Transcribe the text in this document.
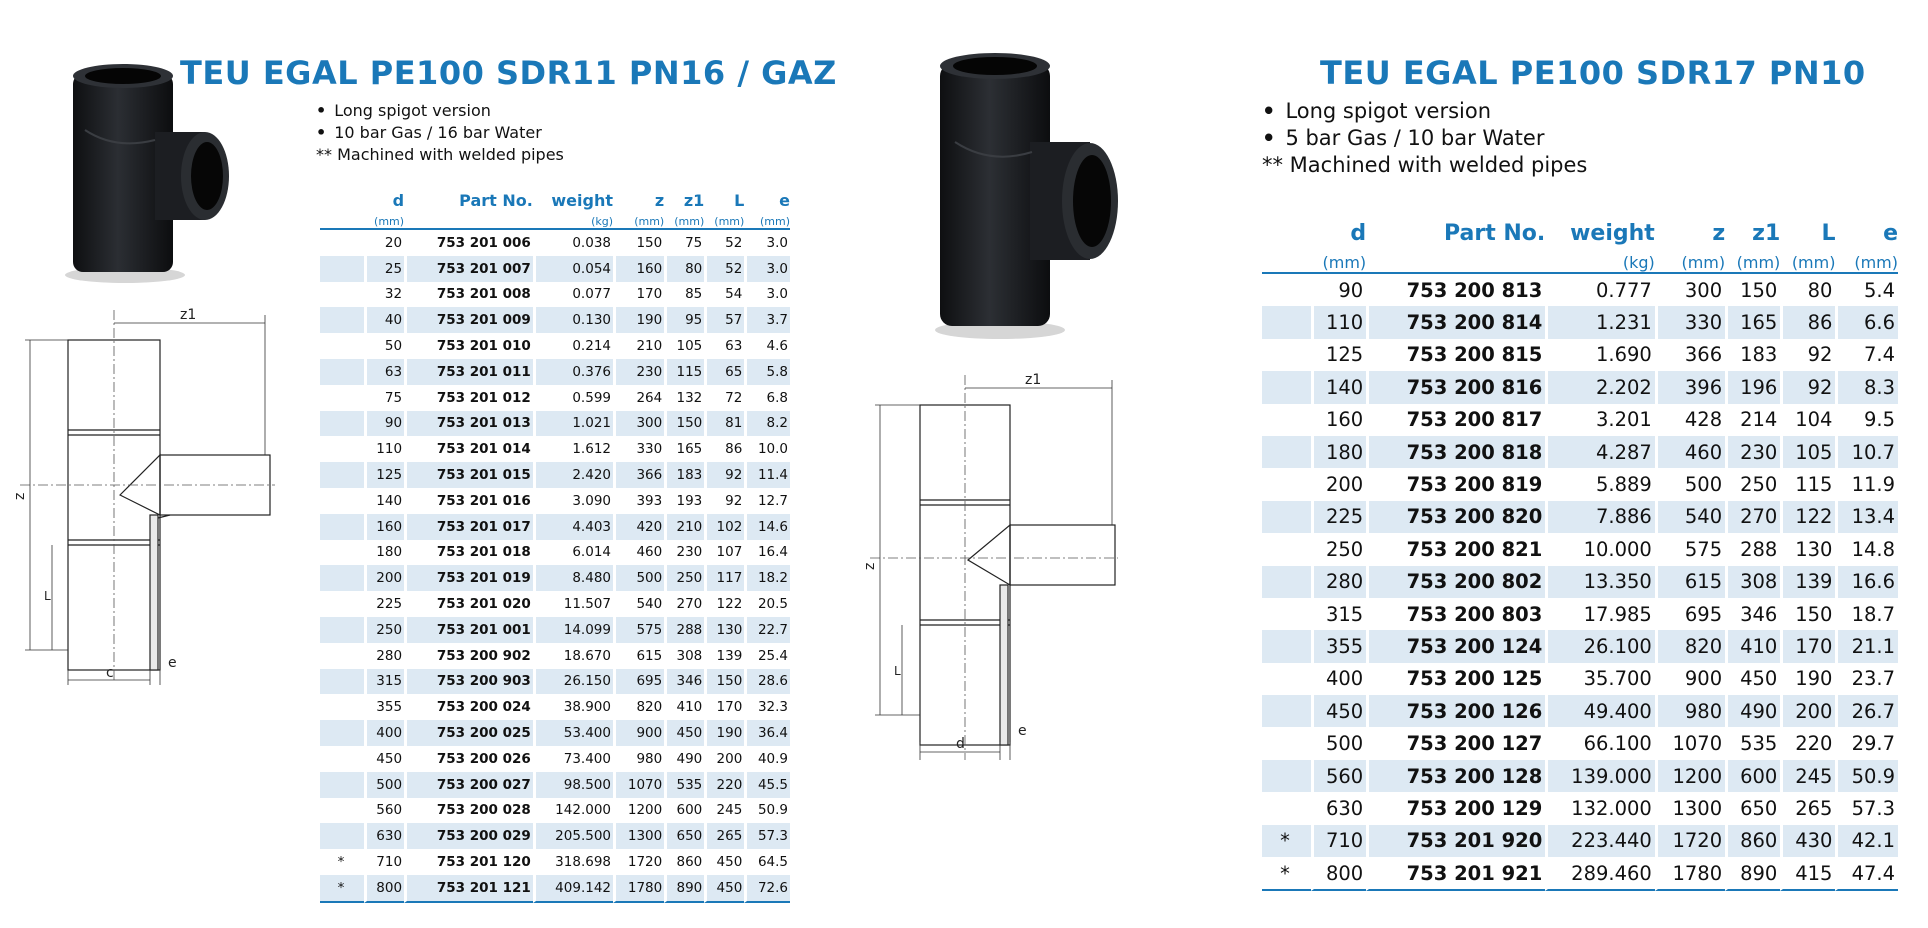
z1
z
L
c
e
TEU EGAL PE100 SDR11 PN16 / GAZ
• Long spigot version
• 10 bar Gas / 16 bar Water
** Machined with welded pipes
	d	Part No.	weight	z	z1	L	e
	(mm)		(kg)	(mm)	(mm)	(mm)	(mm)
	20	753 201 006	0.038	150	75	52	3.0
	25	753 201 007	0.054	160	80	52	3.0
	32	753 201 008	0.077	170	85	54	3.0
	40	753 201 009	0.130	190	95	57	3.7
	50	753 201 010	0.214	210	105	63	4.6
	63	753 201 011	0.376	230	115	65	5.8
	75	753 201 012	0.599	264	132	72	6.8
	90	753 201 013	1.021	300	150	81	8.2
	110	753 201 014	1.612	330	165	86	10.0
	125	753 201 015	2.420	366	183	92	11.4
	140	753 201 016	3.090	393	193	92	12.7
	160	753 201 017	4.403	420	210	102	14.6
	180	753 201 018	6.014	460	230	107	16.4
	200	753 201 019	8.480	500	250	117	18.2
	225	753 201 020	11.507	540	270	122	20.5
	250	753 201 001	14.099	575	288	130	22.7
	280	753 200 902	18.670	615	308	139	25.4
	315	753 200 903	26.150	695	346	150	28.6
	355	753 200 024	38.900	820	410	170	32.3
	400	753 200 025	53.400	900	450	190	36.4
	450	753 200 026	73.400	980	490	200	40.9
	500	753 200 027	98.500	1070	535	220	45.5
	560	753 200 028	142.000	1200	600	245	50.9
	630	753 200 029	205.500	1300	650	265	57.3
*	710	753 201 120	318.698	1720	860	450	64.5
*	800	753 201 121	409.142	1780	890	450	72.6
z1
z
L
d
e
TEU EGAL PE100 SDR17 PN10
• Long spigot version
• 5 bar Gas / 10 bar Water
** Machined with welded pipes
	d	Part No.	weight	z	z1	L	e
	(mm)		(kg)	(mm)	(mm)	(mm)	(mm)
	90	753 200 813	0.777	300	150	80	5.4
	110	753 200 814	1.231	330	165	86	6.6
	125	753 200 815	1.690	366	183	92	7.4
	140	753 200 816	2.202	396	196	92	8.3
	160	753 200 817	3.201	428	214	104	9.5
	180	753 200 818	4.287	460	230	105	10.7
	200	753 200 819	5.889	500	250	115	11.9
	225	753 200 820	7.886	540	270	122	13.4
	250	753 200 821	10.000	575	288	130	14.8
	280	753 200 802	13.350	615	308	139	16.6
	315	753 200 803	17.985	695	346	150	18.7
	355	753 200 124	26.100	820	410	170	21.1
	400	753 200 125	35.700	900	450	190	23.7
	450	753 200 126	49.400	980	490	200	26.7
	500	753 200 127	66.100	1070	535	220	29.7
	560	753 200 128	139.000	1200	600	245	50.9
	630	753 200 129	132.000	1300	650	265	57.3
*	710	753 201 920	223.440	1720	860	430	42.1
*	800	753 201 921	289.460	1780	890	415	47.4
